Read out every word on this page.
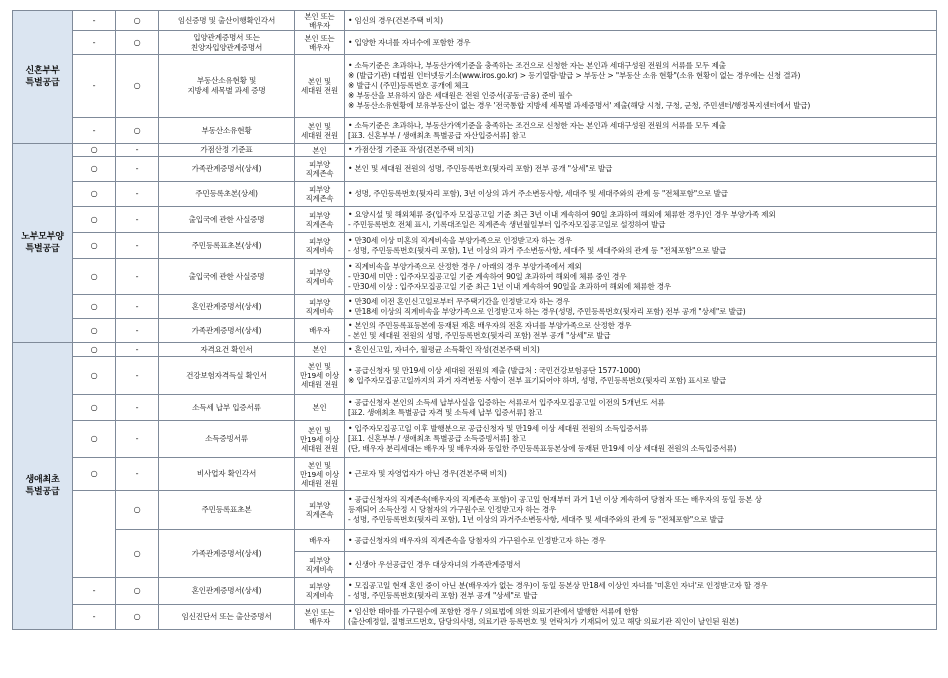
신혼부부
특별공급	-	○	임신증명 및 출산이행확인각서	본인 또는
배우자	• 임신의 경우(건본주택 비치)

	-	○	입양관계증명서 또는
친양자입양관계증명서	본인 또는
배우자	• 입양한 자녀를 자녀수에 포함한 경우

	-	○	부동산소유현황 및
지방세 세목별 과세 증명	본인 및
세대원 전원	• 소득기준은 초과하나, 부동산가액기준을 충족하는 조건으로 신청한 자는 본인과 세대구성원 전원의 서류를 모두 제출
※ (발급기관) 대법원 인터넷등기소(www.iros.go.kr) > 등기열람·발급 > 부동산 > "부동산 소유 현황"(소유 현황이 없는 경우에는 신청 결과)
※ 발급시 (주민)등록번호 공개에 체크
※ 부동산을 보유하지 않은 세대원은 전원 인증서(공동·금융) 준비 필수
※ 부동산소유현황에 보유부동산이 없는 경우 '전국통합 지방세 세목별 과세증명서' 제출(해당 시청, 구청, 군청, 주민센터/행정복지센터에서 발급)

	-	○	부동산소유현황	본인 및
세대원 전원	• 소득기준은 초과하나, 부동산가액기준을 충족하는 조건으로 신청한 자는 본인과 세대구성원 전원의 서류를 모두 제출
[표3. 신혼부부 / 생애최초 특별공급 자산입증서류] 참고

노부모부양
특별공급	○	-	가점산정 기준표	본인	• 가점산정 기준표 작성(견본주택 비치)

	○	-	가족관계증명서(상세)	피부양
직계존속	• 본인 및 세대원 전원의 성명, 주민등록번호(뒷자리 포함) 전부 공개 "상세"로 발급

	○	-	주민등록초본(상세)	피부양
직계존속	• 성명, 주민등록번호(뒷자리 포함), 3년 이상의 과거 주소변동사항, 세대주 및 세대주와의 관계 등 "전체포함"으로 발급

	○	-	출입국에 관한 사실증명	피부양
직계존속	• 요양시설 및 해외체류 중(입주자 모집공고일 기준 최근 3년 이내 계속하여 90일 초과하여 해외에 체류한 경우)인 경우 부양가족 제외
- 주민등록번호 전체 표시, 기록대조일은 직계존속 생년월일부터 입주자모집공고일로 설정하여 발급

	○	-	주민등록표초본(상세)	피부양
직계비속	• 만30세 이상 미혼의 직계비속을 부양가족으로 인정받고자 하는 경우
- 성명, 주민등록번호(뒷자리 포함), 1년 이상의 과거 주소변동사항, 세대주 및 세대주와의 관계 등 "전체포함"으로 발급

	○	-	출입국에 관한 사실증명	피부양
직계비속	• 직계비속을 부양가족으로 산정한 경우 / 아래의 경우 부양가족에서 제외
- 만30세 미만 : 입주자모집공고일 기준 계속하여 90일 초과하여 해외에 체류 중인 경우
- 만30세 이상 : 입주자모집공고일 기준 최근 1년 이내 계속하여 90일을 초과하여 해외에 체류한 경우

	○	-	혼인관계증명서(상세)	피부양
직계비속	• 만30세 이전 혼인신고일로부터 무주택기간을 인정받고자 하는 경우
• 만18세 이상의 직계비속을 부양가족으로 인정받고자 하는 경우(성명, 주민등록번호(뒷자리 포함) 전부 공개 "상세"로 발급)

	○	-	가족관계증명서(상세)	배우자	• 본인의 주민등록표등본에 등재된 재혼 배우자의 전혼 자녀를 부양가족으로 산정한 경우
- 본인 및 세대원 전원의 성명, 주민등록번호(뒷자리 포함) 전부 공개 "상세"로 발급

생애최초
특별공급	○	-	자격요건 확인서	본인	• 혼인신고일, 자녀수, 월평균 소득확인 작성(견본주택 비치)

	○	-	건강보험자격득실 확인서	본인 및
만19세 이상
세대원 전원	• 공급신청자 및 만19세 이상 세대원 전원의 제출 (발급처 : 국민건강보험공단 1577-1000)
※ 입주자모집공고일까지의 과거 자격변동 사항이 전부 표기되어야 하며, 성명, 주민등록번호(뒷자리 포함) 표시로 발급

	○	-	소득세 납부 입증서류	본인	• 공급신청자 본인의 소득세 납부사실을 입증하는 서류로서 입주자모집공고일 이전의 5개년도 서류
[표2. 생애최초 특별공급 자격 및 소득세 납부 입증서류] 참고

	○	-	소득증빙서류	본인 및
만19세 이상
세대원 전원	• 입주자모집공고일 이후 발행분으로 공급신청자 및 만19세 이상 세대원 전원의 소득입증서류
[표1. 신혼부부 / 생애최초 특별공급 소득증빙서류] 참고
(단, 배우자 분리세대는 배우자 및 배우자와 동일한 주민등록표등본상에 등재된 만19세 이상 세대원 전원의 소득입증서류)

	○	-	비사업자 확인각서	본인 및
만19세 이상
세대원 전원	• 근로자 및 자영업자가 아닌 경우(견본주택 비치)

		○	주민등록표초본	피부양
직계존속	• 공급신청자의 직계존속(배우자의 직계존속 포함)이 공고일 현재부터 과거 1년 이상 계속하여 당첨자 또는 배우자의 동일 등본 상
등재되어 소득산정 시 당첨자의 가구원수로 인정받고자 하는 경우
- 성명, 주민등록번호(뒷자리 포함), 1년 이상의 과거주소변동사항, 세대주 및 세대주와의 관계 등 "전체포함"으로 발급

		○	가족관계증명서(상세)	배우자	• 공급신청자의 배우자의 직계존속을 당첨자의 가구원수로 인정받고자 하는 경우

				피부양
직계비속	• 신생아 우선공급인 경우 대상자녀의 가족관계증명서

	-	○	혼인관계증명서(상세)	피부양
직계비속	• 모집공고일 현재 혼인 중이 아닌 분(배우자가 없는 경우)이 동일 등본상 만18세 이상인 자녀를 '미혼인 자녀'로 인정받고자 할 경우
- 성명, 주민등록번호(뒷자리 포함) 전부 공개 "상세"로 발급

	-	○	임신진단서 또는 출산증명서	본인 또는
배우자	• 임신한 태아를 가구원수에 포함한 경우 / 의료법에 의한 의료기관에서 발행한 서류에 한함
(출산예정일, 질병코드번호, 담당의사명, 의료기관 등록번호 및 연락처가 기재되어 있고 해당 의료기관 직인이 날인된 원본)
